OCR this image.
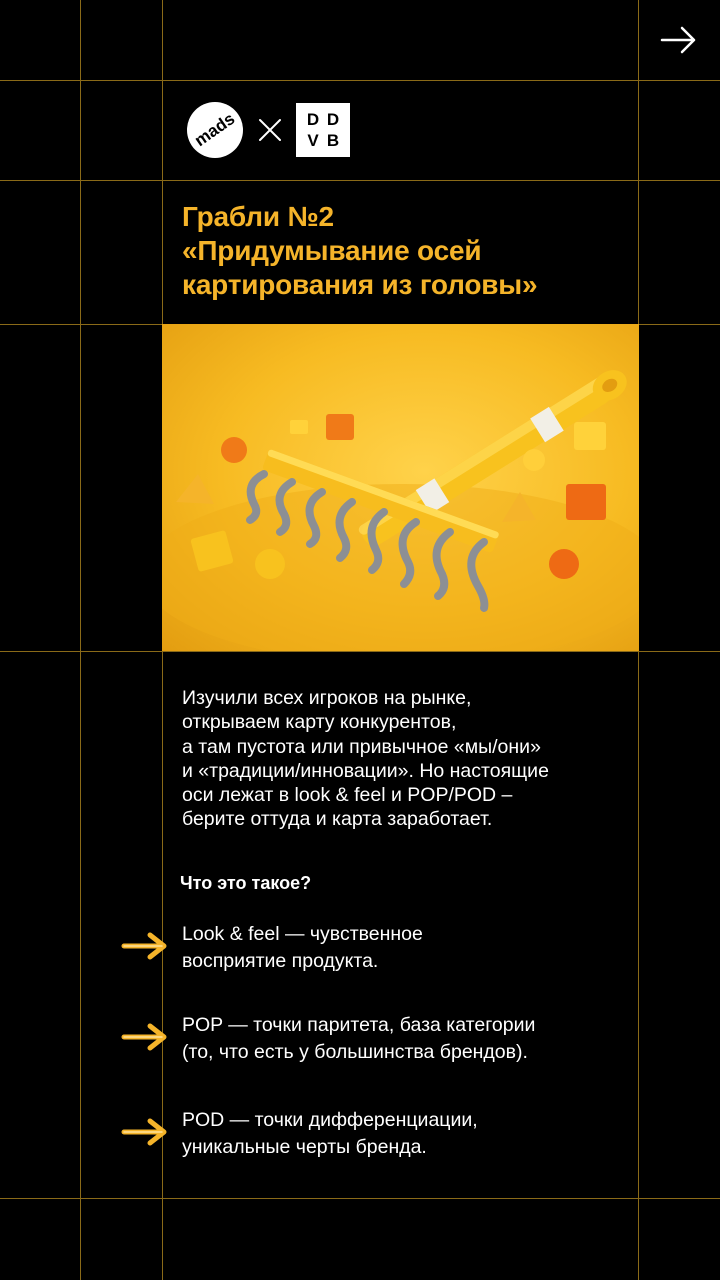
mads	D D
V B
Грабли №2
«Придумывание осей
картирования из головы»
Изучили всех игроков на рынке,
открываем карту конкурентов,
а там пустота или привычное «мы/они»
и «традиции/инновации». Но настоящие
оси лежат в look & feel и POP/POD –
берите оттуда и карта заработает.
Что это такое?
Look & feel — чувственное
восприятие продукта.
POP — точки паритета, база категории
(то, что есть у большинства брендов).
POD — точки дифференциации,
уникальные черты бренда.
